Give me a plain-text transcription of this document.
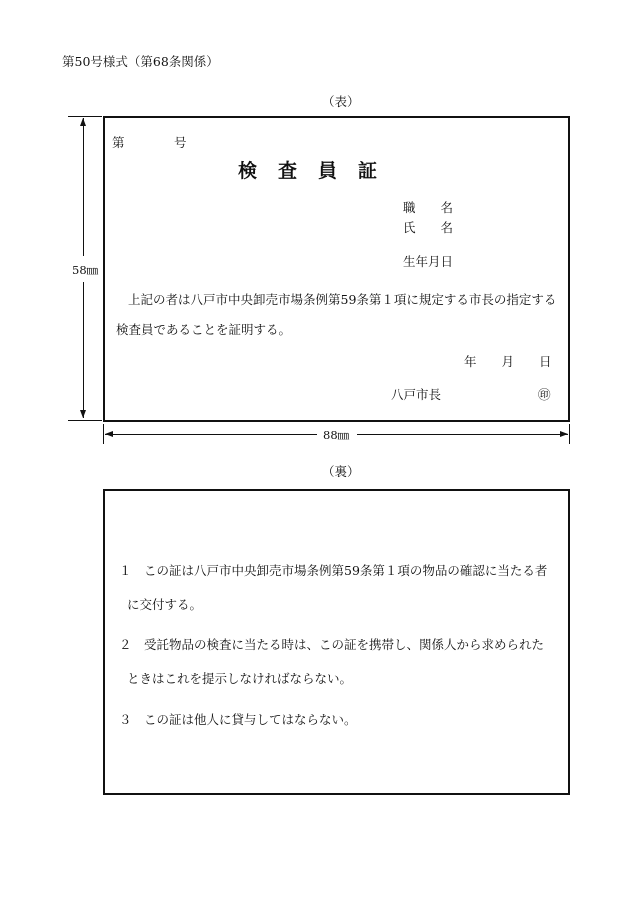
第50号様式（第68条関係）
（表）
58㎜
第	号
検　査　員　証
職　　名
氏　　名
生年月日
上記の者は八戸市中央卸売市場条例第59条第１項に規定する市長の指定する
検査員であることを証明する。
年　　月　　日
八戸市長	㊞
88㎜
（裏）
１　この証は八戸市中央卸売市場条例第59条第１項の物品の確認に当たる者
に交付する。
２　受託物品の検査に当たる時は、この証を携帯し、関係人から求められた
ときはこれを提示しなければならない。
３　この証は他人に貸与してはならない。
